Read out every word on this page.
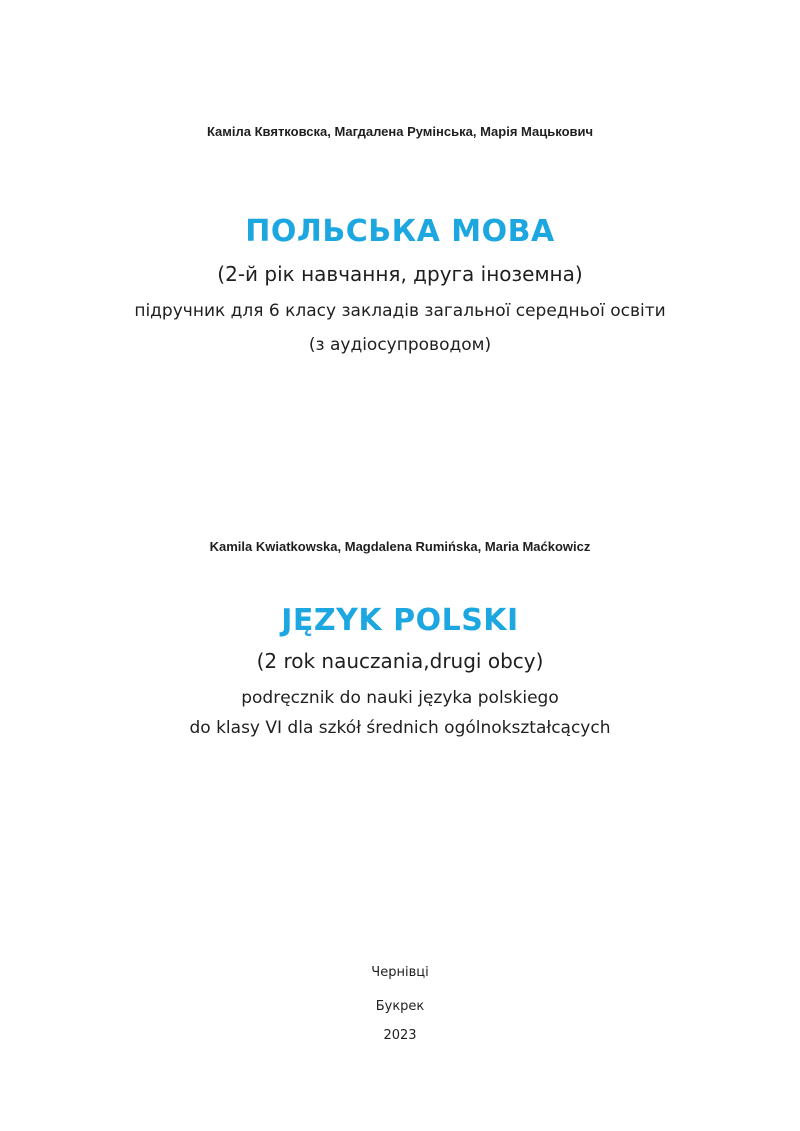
Каміла Квятковска, Магдалена Румінська, Марія Мацькович
ПОЛЬСЬКА МОВА
(2-й рік навчання, друга іноземна)
підручник для 6 класу закладів загальної середньої освіти
(з аудіосупроводом)
Kamila Kwiatkowska, Magdalena Rumińska, Maria Maćkowicz
JĘZYK POLSKI
(2 rok nauczania,drugi obcy)
podręcznik do nauki języka polskiego
do klasy VI dla szkół średnich ogólnokształcących
Чернівці
Букрек
2023
